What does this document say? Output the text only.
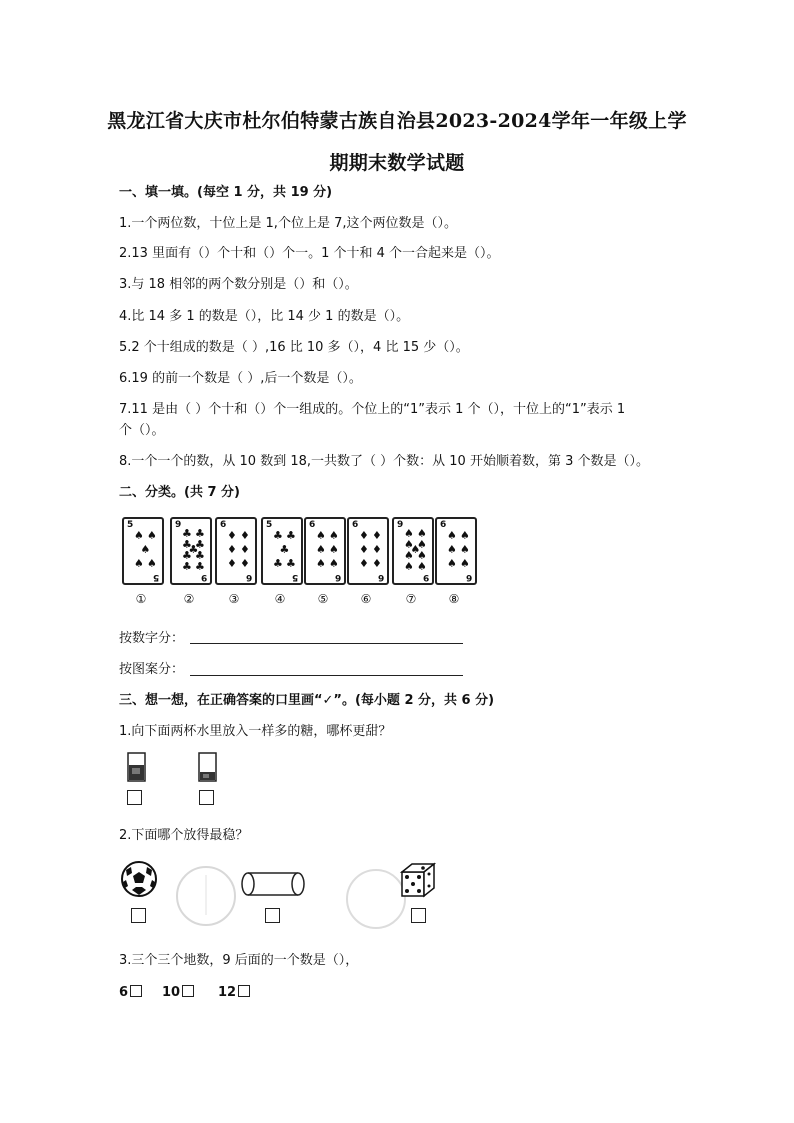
黑龙江省大庆市杜尔伯特蒙古族自治县2023-2024学年一年级上学
期期末数学试题
一、填一填。(每空 1 分，共 19 分)
1.一个两位数，十位上是 1,个位上是 7,这个两位数是（）。
2.13 里面有（）个十和（）个一。1 个十和 4 个一合起来是（）。
3.与 18 相邻的两个数分别是（）和（）。
4.比 14 多 1 的数是（），比 14 少 1 的数是（）。
5.2 个十组成的数是（ ）,16 比 10 多（），4 比 15 少（）。
6.19 的前一个数是（ ）,后一个数是（）。
7.11 是由（ ）个十和（）个一组成的。个位上的“1”表示 1 个（），十位上的“1”表示 1
个（）。
8.一个一个的数，从 10 数到 18,一共数了（ ）个数：从 10 开始顺着数，第 3 个数是（）。
二、分类。(共 7 分)
5
5
♠ ♠
♠
♠ ♠
①
9
9
♣ ♣
♣ ♣
♣
♣ ♣
♣ ♣
②
6
6
♦ ♦
♦ ♦
♦ ♦
③
5
5
♣ ♣
♣
♣ ♣
④
6
6
♠ ♠
♠ ♠
♠ ♠
⑤
6
6
♦ ♦
♦ ♦
♦ ♦
⑥
9
9
♠ ♠
♠ ♠
♠
♠ ♠
♠ ♠
⑦
6
6
♠ ♠
♠ ♠
♠ ♠
⑧
按数字分：
按图案分：
三、想一想，在正确答案的口里画“✓”。(每小题 2 分，共 6 分)
1.向下面两杯水里放入一样多的糖，哪杯更甜？
2.下面哪个放得最稳？
3.三个三个地数，9 后面的一个数是（），
6	10	12
